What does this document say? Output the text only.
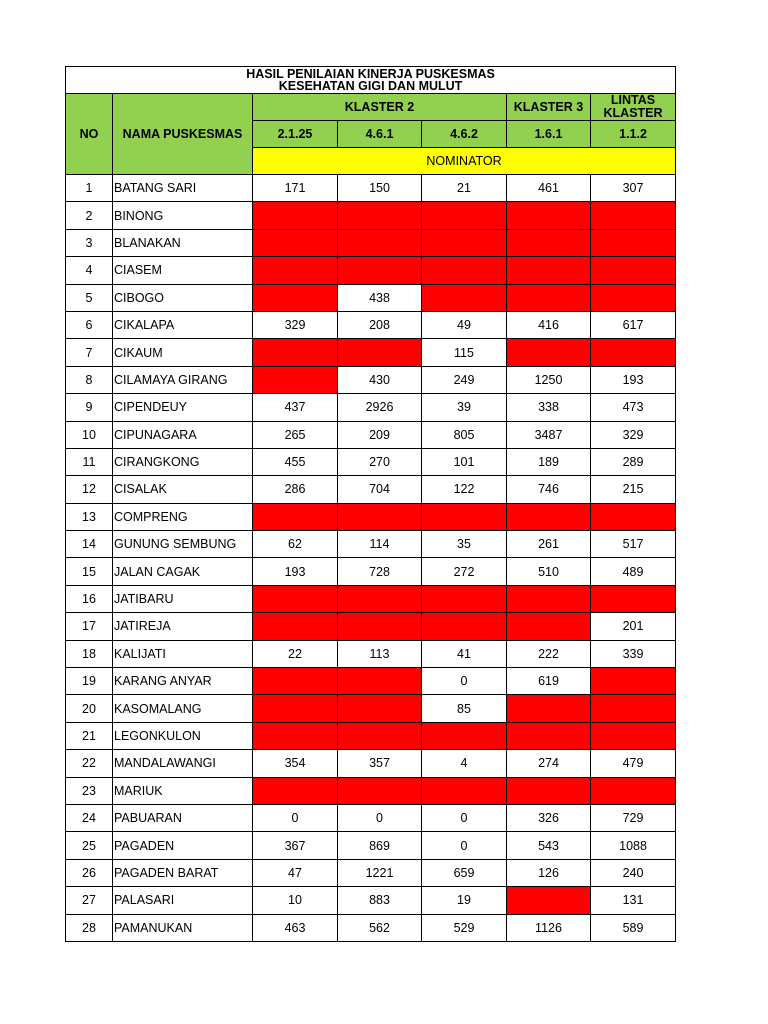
HASIL PENILAIAN KINERJA PUSKESMAS
KESEHATAN GIGI DAN MULUT						

NO	NAMA PUSKESMAS	KLASTER 2			KLASTER 3	LINTAS
KLASTER

		2.1.25	4.6.1	4.6.2	1.6.1	1.1.2
		NOMINATOR				
1	BATANG SARI	171	150	21	461	307
2	BINONG					
3	BLANAKAN					
4	CIASEM					
5	CIBOGO		438			
6	CIKALAPA	329	208	49	416	617
7	CIKAUM			115		
8	CILAMAYA GIRANG		430	249	1250	193
9	CIPENDEUY	437	2926	39	338	473
10	CIPUNAGARA	265	209	805	3487	329
11	CIRANGKONG	455	270	101	189	289
12	CISALAK	286	704	122	746	215
13	COMPRENG					
14	GUNUNG SEMBUNG	62	114	35	261	517
15	JALAN CAGAK	193	728	272	510	489
16	JATIBARU					
17	JATIREJA					201
18	KALIJATI	22	113	41	222	339
19	KARANG ANYAR			0	619	
20	KASOMALANG			85		
21	LEGONKULON					
22	MANDALAWANGI	354	357	4	274	479
23	MARIUK					
24	PABUARAN	0	0	0	326	729
25	PAGADEN	367	869	0	543	1088
26	PAGADEN BARAT	47	1221	659	126	240
27	PALASARI	10	883	19		131
28	PAMANUKAN	463	562	529	1126	589
